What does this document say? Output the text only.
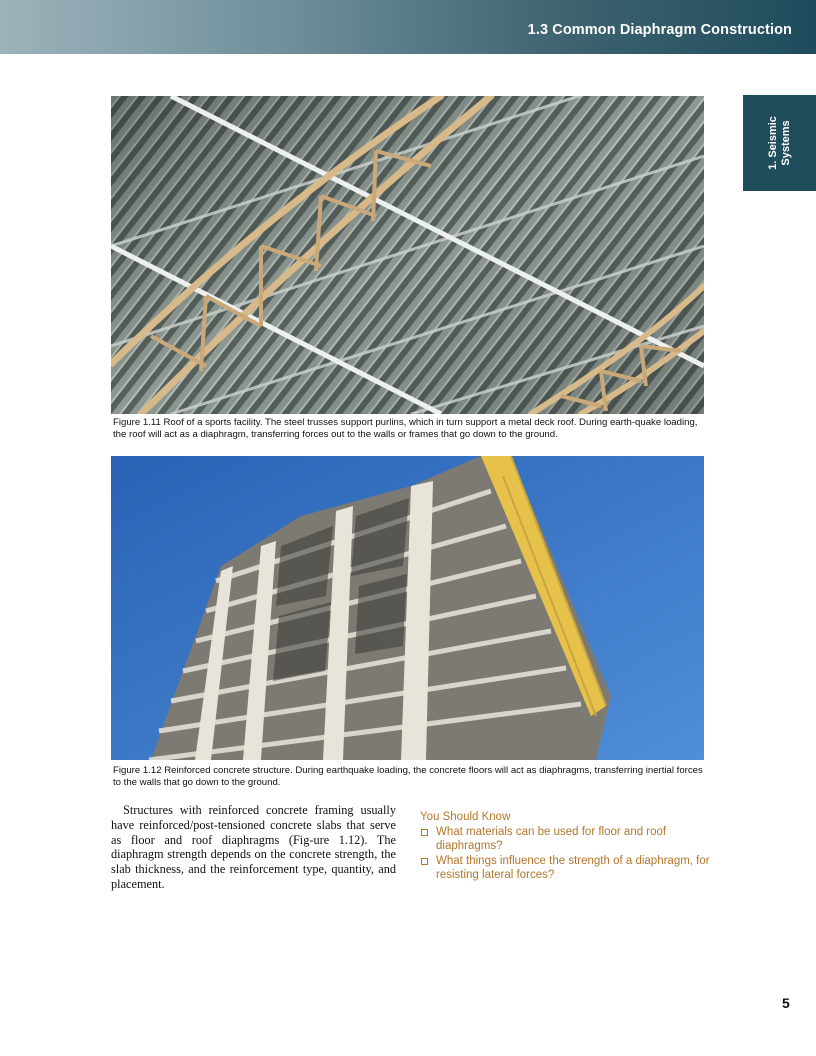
1.3 Common Diaphragm Construction
1. Seismic Systems

Figure 1.11 Roof of a sports facility. The steel trusses support purlins, which in turn support a metal deck roof. During earth-quake loading, the roof will act as a diaphragm, transferring forces out to the walls or frames that go down to the ground.

Figure 1.12 Reinforced concrete structure. During earthquake loading, the concrete floors will act as diaphragms, transferring inertial forces to the walls that go down to the ground.

Structures with reinforced concrete framing usually have reinforced/post-tensioned concrete slabs that serve as floor and roof diaphragms (Fig-ure 1.12). The diaphragm strength depends on the concrete strength, the slab thickness, and the reinforcement type, quantity, and placement.

You Should Know

What materials can be used for floor and roof diaphragms?
What things influence the strength of a diaphragm, for resisting lateral forces?

5
